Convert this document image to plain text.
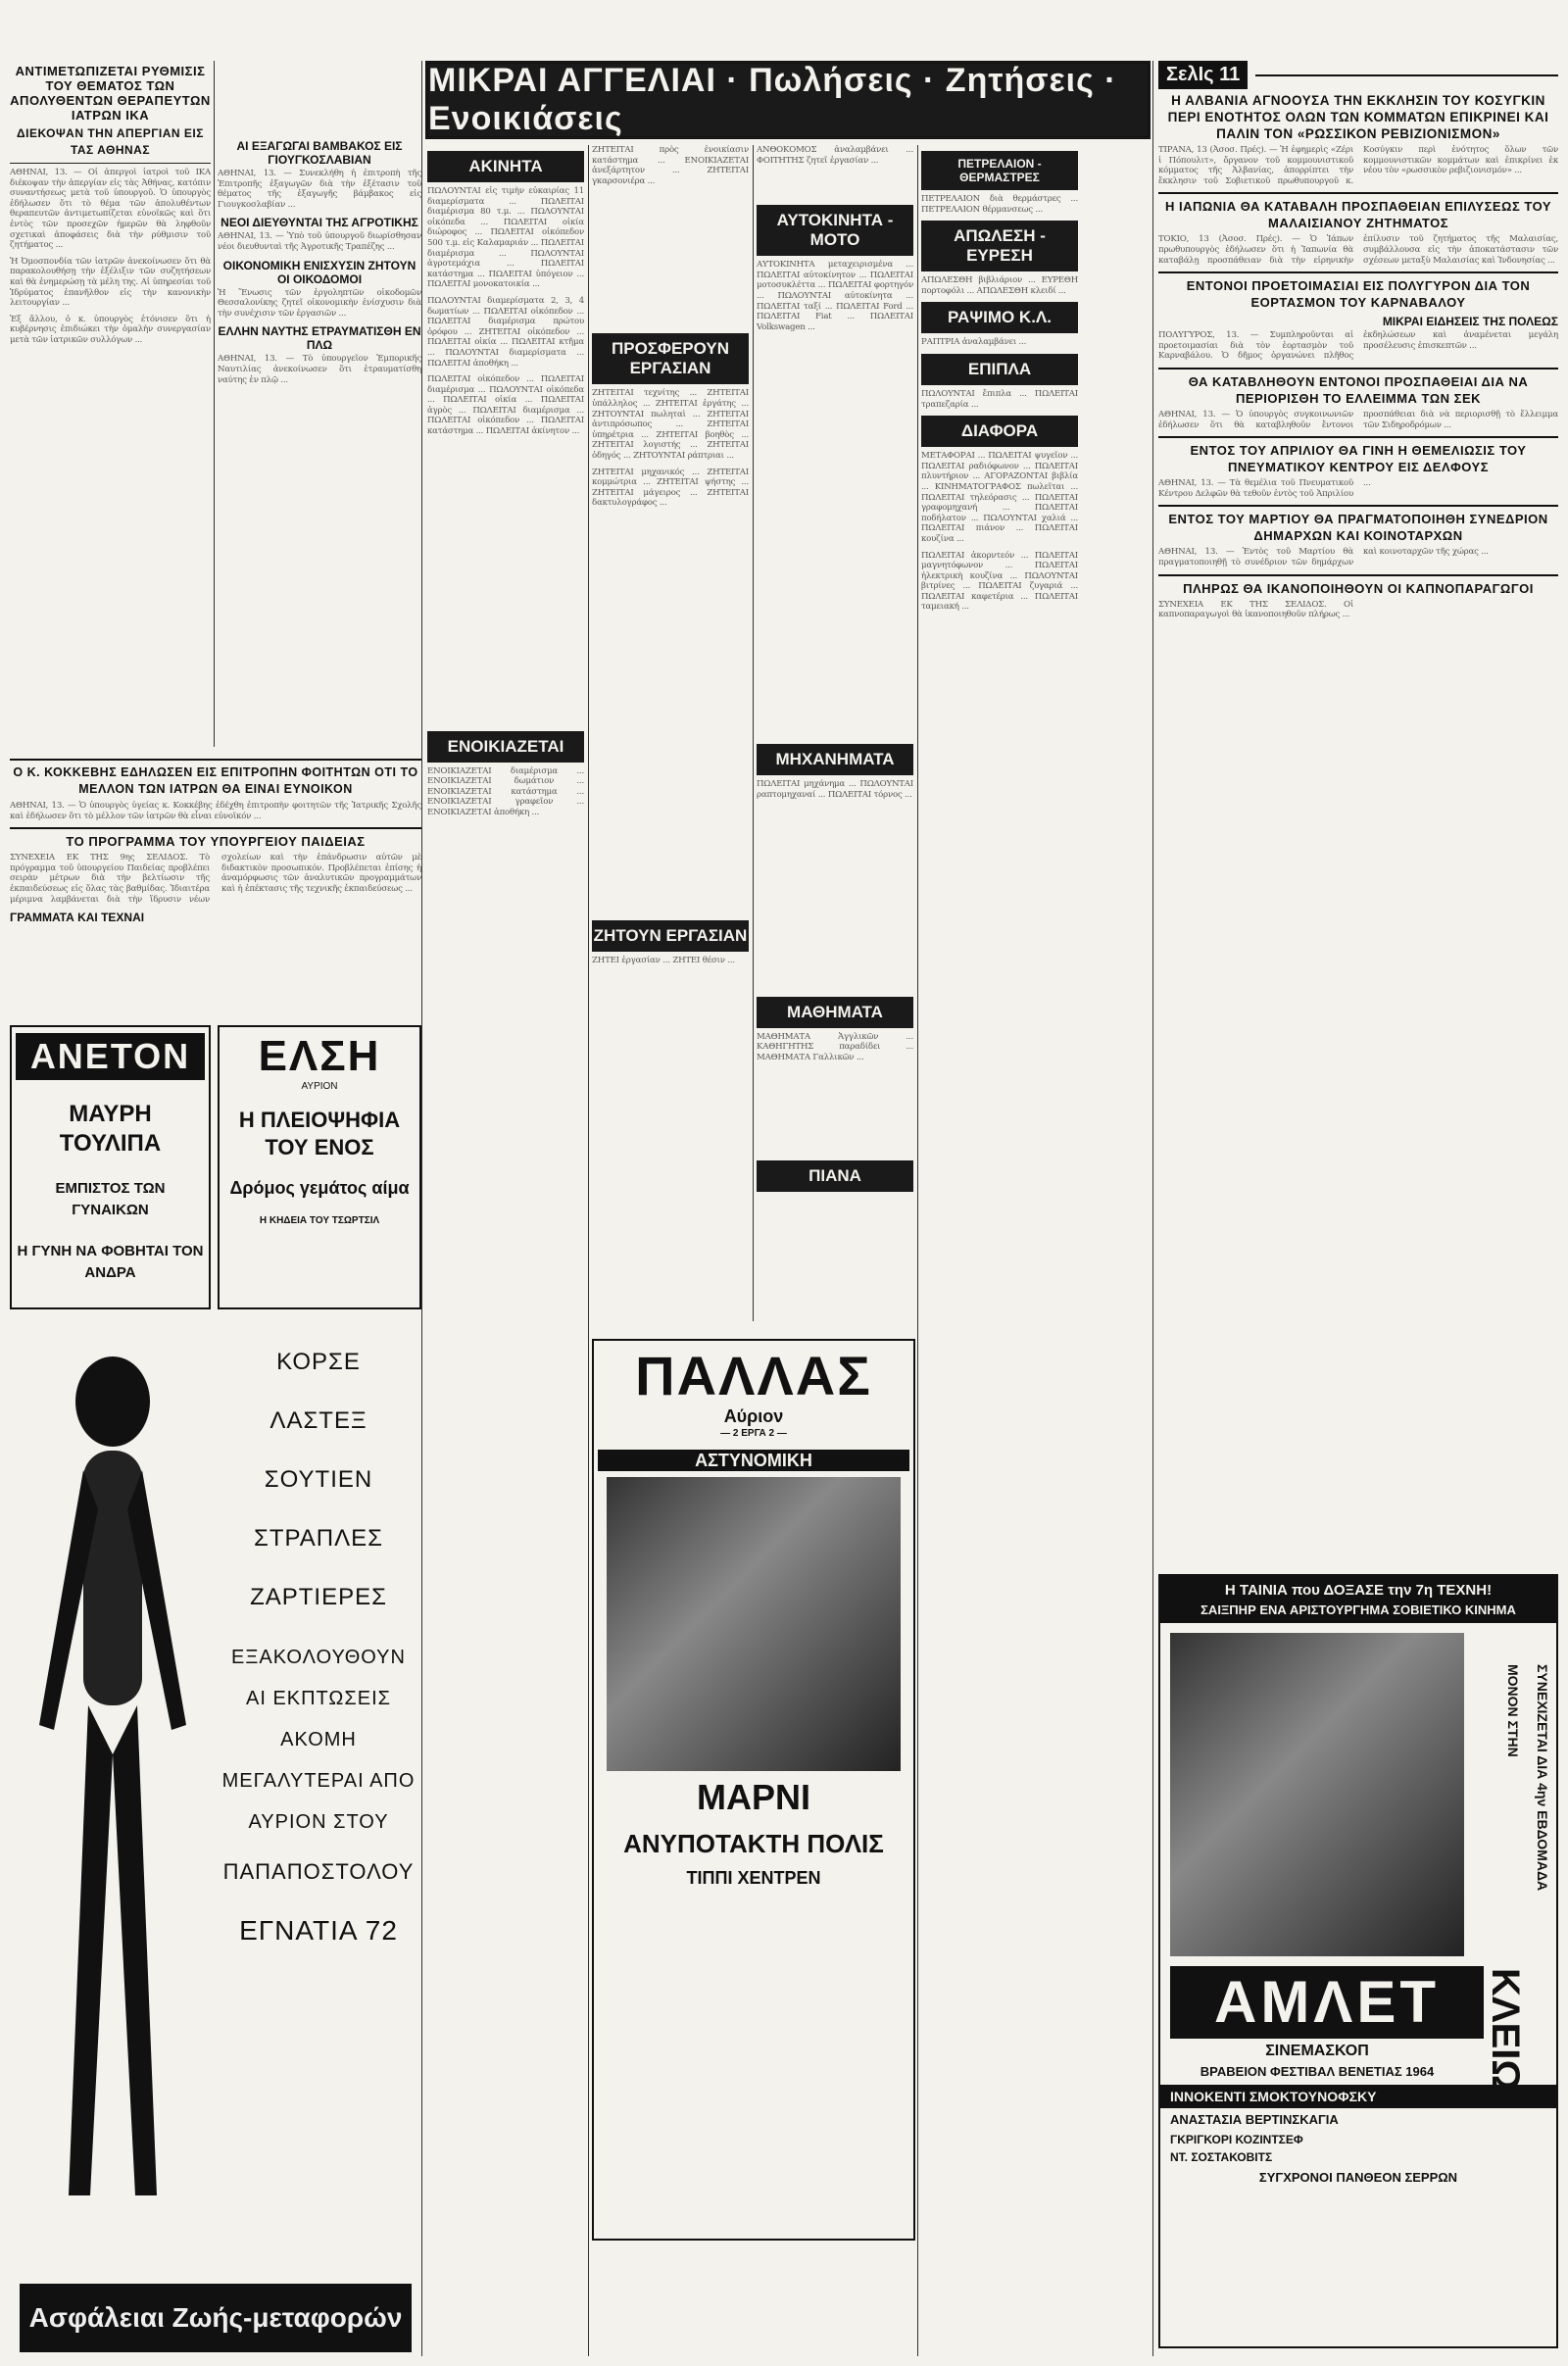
ΑΝΤΙΜΕΤΩΠΙΖΕΤΑΙ ΡΥΘΜΙΣΙΣ ΤΟΥ ΘΕΜΑΤΟΣ ΤΩΝ ΑΠΟΛΥΘΕΝΤΩΝ ΘΕΡΑΠΕΥΤΩΝ ΙΑΤΡΩΝ ΙΚΑ
ΔΙΕΚΟΨΑΝ ΤΗΝ ΑΠΕΡΓΙΑΝ ΕΙΣ ΤΑΣ ΑΘΗΝΑΣ

ΑΘΗΝΑΙ, 13. — Οἱ ἀπεργοὶ ἰατροὶ τοῦ ΙΚΑ διέκοψαν τὴν ἀπεργίαν εἰς τὰς Ἀθήνας, κατόπιν συναντήσεως μετὰ τοῦ ὑπουργοῦ. Ὁ ὑπουργὸς ἐδήλωσεν ὅτι τὸ θέμα τῶν ἀπολυθέντων θεραπευτῶν ἀντιμετωπίζεται εὐνοϊκῶς καὶ ὅτι ἐντὸς τῶν προσεχῶν ἡμερῶν θὰ ληφθοῦν σχετικαὶ ἀποφάσεις διὰ τὴν ρύθμισιν τοῦ ζητήματος ...

Ἡ Ὀμοσπονδία τῶν ἰατρῶν ἀνεκοίνωσεν ὅτι θὰ παρακολουθήσῃ τὴν ἐξέλιξιν τῶν συζητήσεων καὶ θὰ ἐνημερώσῃ τὰ μέλη της. Αἱ ὑπηρεσίαι τοῦ Ἱδρύματος ἐπανῆλθον εἰς τὴν κανονικὴν λειτουργίαν ...

Ἐξ ἄλλου, ὁ κ. ὑπουργὸς ἐτόνισεν ὅτι ἡ κυβέρνησις ἐπιδιώκει τὴν ὁμαλὴν συνεργασίαν μετὰ τῶν ἰατρικῶν συλλόγων ...

ΑΙ ΕΞΑΓΩΓΑΙ ΒΑΜΒΑΚΟΣ ΕΙΣ ΓΙΟΥΓΚΟΣΛΑΒΙΑΝ

ΑΘΗΝΑΙ, 13. — Συνεκλήθη ἡ ἐπιτροπὴ τῆς Ἐπιτροπῆς ἐξαγωγῶν διὰ τὴν ἐξέτασιν τοῦ θέματος τῆς ἐξαγωγῆς βάμβακος εἰς Γιουγκοσλαβίαν ...

ΝΕΟΙ ΔΙΕΥΘΥΝΤΑΙ ΤΗΣ ΑΓΡΟΤΙΚΗΣ

ΑΘΗΝΑΙ, 13. — Ὑπὸ τοῦ ὑπουργοῦ διωρίσθησαν νέοι διευθυνταὶ τῆς Ἀγροτικῆς Τραπέζης ...

ΟΙΚΟΝΟΜΙΚΗ ΕΝΙΣΧΥΣΙΝ ΖΗΤΟΥΝ ΟΙ ΟΙΚΟΔΟΜΟΙ

Ἡ Ἕνωσις τῶν ἐργοληπτῶν οἰκοδομῶν Θεσσαλονίκης ζητεῖ οἰκονομικὴν ἐνίσχυσιν διὰ τὴν συνέχισιν τῶν ἐργασιῶν ...

ΕΛΛΗΝ ΝΑΥΤΗΣ ΕΤΡΑΥΜΑΤΙΣΘΗ ΕΝ ΠΛΩ

ΑΘΗΝΑΙ, 13. — Τὸ ὑπουργεῖον Ἐμπορικῆς Ναυτιλίας ἀνεκοίνωσεν ὅτι ἐτραυματίσθη ναύτης ἐν πλῷ ...

Ο Κ. ΚΟΚΚΕΒΗΣ ΕΔΗΛΩΣΕΝ ΕΙΣ ΕΠΙΤΡΟΠΗΝ ΦΟΙΤΗΤΩΝ ΟΤΙ ΤΟ ΜΕΛΛΟΝ ΤΩΝ ΙΑΤΡΩΝ ΘΑ ΕΙΝΑΙ ΕΥΝΟΙΚΟΝ

ΑΘΗΝΑΙ, 13. — Ὁ ὑπουργὸς ὑγείας κ. Κοκκέβης ἐδέχθη ἐπιτροπὴν φοιτητῶν τῆς Ἰατρικῆς Σχολῆς καὶ ἐδήλωσεν ὅτι τὸ μέλλον τῶν ἰατρῶν θὰ εἶναι εὐνοϊκόν ...

ΤΟ ΠΡΟΓΡΑΜΜΑ ΤΟΥ ΥΠΟΥΡΓΕΙΟΥ ΠΑΙΔΕΙΑΣ

ΣΥΝΕΧΕΙΑ ΕΚ ΤΗΣ 9ης ΣΕΛΙΔΟΣ. Τὸ πρόγραμμα τοῦ ὑπουργείου Παιδείας προβλέπει σειρὰν μέτρων διὰ τὴν βελτίωσιν τῆς ἐκπαιδεύσεως εἰς ὅλας τὰς βαθμίδας. Ἰδιαιτέρα μέριμνα λαμβάνεται διὰ τὴν ἵδρυσιν νέων σχολείων καὶ τὴν ἐπάνδρωσιν αὐτῶν μὲ διδακτικὸν προσωπικόν. Προβλέπεται ἐπίσης ἡ ἀναμόρφωσις τῶν ἀναλυτικῶν προγραμμάτων καὶ ἡ ἐπέκτασις τῆς τεχνικῆς ἐκπαιδεύσεως ...

ΓΡΑΜΜΑΤΑ ΚΑΙ ΤΕΧΝΑΙ
ΑΝΕΤΟΝ
ΜΑΥΡΗ ΤΟΥΛΙΠΑ
ΕΜΠΙΣΤΟΣ ΤΩΝ ΓΥΝΑΙΚΩΝ
Η ΓΥΝΗ ΝΑ ΦΟΒΗΤΑΙ ΤΟΝ ΑΝΔΡΑ
ΕΛΣΗ
ΑΥΡΙΟΝ
Η ΠΛΕΙΟΨΗΦΙΑ ΤΟΥ ΕΝΟΣ
Δρόμος γεμάτος αίμα
Η ΚΗΔΕΙΑ ΤΟΥ ΤΣΩΡΤΣΙΛ
ΚΟΡΣΕ
ΛΑΣΤΕΞ
ΣΟΥΤΙΕΝ
ΣΤΡΑΠΛΕΣ
ΖΑΡΤΙΕΡΕΣ
ΕΞΑΚΟΛΟΥΘΟΥΝ ΑΙ ΕΚΠΤΩΣΕΙΣ ΑΚΟΜΗ ΜΕΓΑΛΥΤΕΡΑΙ ΑΠΟ ΑΥΡΙΟΝ ΣΤΟΥ
ΠΑΠΑΠΟΣΤΟΛΟΥ
ΕΓΝΑΤΙΑ 72
Ασφάλειαι Ζωής-μεταφορών
ΜΙΚΡΑΙ ΑΓΓΕΛΙΑΙ · Πωλήσεις · Ζητήσεις · Ενοικιάσεις
ΑΚΙΝΗΤΑ

ΠΩΛΟΥΝΤΑΙ εἰς τιμὴν εὐκαιρίας 11 διαμερίσματα ... ΠΩΛΕΙΤΑΙ διαμέρισμα 80 τ.μ. ... ΠΩΛΟΥΝΤΑΙ οἰκόπεδα ... ΠΩΛΕΙΤΑΙ οἰκία διώροφος ... ΠΩΛΕΙΤΑΙ οἰκόπεδον 500 τ.μ. εἰς Καλαμαριάν ... ΠΩΛΕΙΤΑΙ διαμέρισμα ... ΠΩΛΟΥΝΤΑΙ ἀγροτεμάχια ... ΠΩΛΕΙΤΑΙ κατάστημα ... ΠΩΛΕΙΤΑΙ ὑπόγειον ... ΠΩΛΕΙΤΑΙ μονοκατοικία ...

ΠΩΛΟΥΝΤΑΙ διαμερίσματα 2, 3, 4 δωματίων ... ΠΩΛΕΙΤΑΙ οἰκόπεδον ... ΠΩΛΕΙΤΑΙ διαμέρισμα πρώτου ὀρόφου ... ΖΗΤΕΙΤΑΙ οἰκόπεδον ... ΠΩΛΕΙΤΑΙ οἰκία ... ΠΩΛΕΙΤΑΙ κτῆμα ... ΠΩΛΟΥΝΤΑΙ διαμερίσματα ... ΠΩΛΕΙΤΑΙ ἀποθήκη ...

ΠΩΛΕΙΤΑΙ οἰκόπεδον ... ΠΩΛΕΙΤΑΙ διαμέρισμα ... ΠΩΛΟΥΝΤΑΙ οἰκόπεδα ... ΠΩΛΕΙΤΑΙ οἰκία ... ΠΩΛΕΙΤΑΙ ἀγρὸς ... ΠΩΛΕΙΤΑΙ διαμέρισμα ... ΠΩΛΕΙΤΑΙ οἰκόπεδον ... ΠΩΛΕΙΤΑΙ κατάστημα ... ΠΩΛΕΙΤΑΙ ἀκίνητον ...

ΕΝΟΙΚΙΑΖΕΤΑΙ

ΕΝΟΙΚΙΑΖΕΤΑΙ διαμέρισμα ... ΕΝΟΙΚΙΑΖΕΤΑΙ δωμάτιον ... ΕΝΟΙΚΙΑΖΕΤΑΙ κατάστημα ... ΕΝΟΙΚΙΑΖΕΤΑΙ γραφεῖον ... ΕΝΟΙΚΙΑΖΕΤΑΙ ἀποθήκη ...

ΖΗΤΕΙΤΑΙ πρὸς ἐνοικίασιν κατάστημα ... ΕΝΟΙΚΙΑΖΕΤΑΙ ἀνεξάρτητον ... ΖΗΤΕΙΤΑΙ γκαρσονιέρα ...

ΠΡΟΣΦΕΡΟΥΝ ΕΡΓΑΣΙΑΝ

ΖΗΤΕΙΤΑΙ τεχνίτης ... ΖΗΤΕΙΤΑΙ ὑπάλληλος ... ΖΗΤΕΙΤΑΙ ἐργάτης ... ΖΗΤΟΥΝΤΑΙ πωληταὶ ... ΖΗΤΕΙΤΑΙ ἀντιπρόσωπος ... ΖΗΤΕΙΤΑΙ ὑπηρέτρια ... ΖΗΤΕΙΤΑΙ βοηθὸς ... ΖΗΤΕΙΤΑΙ λογιστής ... ΖΗΤΕΙΤΑΙ ὀδηγός ... ΖΗΤΟΥΝΤΑΙ ράπτριαι ...

ΖΗΤΕΙΤΑΙ μηχανικός ... ΖΗΤΕΙΤΑΙ κομμώτρια ... ΖΗΤΕΙΤΑΙ ψήστης ... ΖΗΤΕΙΤΑΙ μάγειρος ... ΖΗΤΕΙΤΑΙ δακτυλογράφος ...

ΖΗΤΟΥΝ ΕΡΓΑΣΙΑΝ

ΖΗΤΕΙ ἐργασίαν ... ΖΗΤΕΙ θέσιν ...

ΠΑΛΛΑΣ
Αύριον
— 2 ΕΡΓΑ 2 —
ΑΣΤΥΝΟΜΙΚΗ
ΜΑΡΝΙ
ΑΝΥΠΟΤΑΚΤΗ ΠΟΛΙΣ
ΤΙΠΠΙ ΧΕΝΤΡΕΝ

ΑΝΘΟΚΟΜΟΣ ἀναλαμβάνει ... ΦΟΙΤΗΤΗΣ ζητεῖ ἐργασίαν ...

ΑΥΤΟΚΙΝΗΤΑ - ΜΟΤΟ

ΑΥΤΟΚΙΝΗΤΑ μεταχειρισμένα ... ΠΩΛΕΙΤΑΙ αὐτοκίνητον ... ΠΩΛΕΙΤΑΙ μοτοσυκλέττα ... ΠΩΛΕΙΤΑΙ φορτηγόν ... ΠΩΛΟΥΝΤΑΙ αὐτοκίνητα ... ΠΩΛΕΙΤΑΙ ταξί ... ΠΩΛΕΙΤΑΙ Ford ... ΠΩΛΕΙΤΑΙ Fiat ... ΠΩΛΕΙΤΑΙ Volkswagen ...

ΜΗΧΑΝΗΜΑΤΑ

ΠΩΛΕΙΤΑΙ μηχάνημα ... ΠΩΛΟΥΝΤΑΙ ραπτομηχαναί ... ΠΩΛΕΙΤΑΙ τόρνος ...

ΜΑΘΗΜΑΤΑ

ΜΑΘΗΜΑΤΑ Ἀγγλικῶν ... ΚΑΘΗΓΗΤΗΣ παραδίδει ... ΜΑΘΗΜΑΤΑ Γαλλικῶν ...

ΠΙΑΝΑ
ΠΕΤΡΕΛΑΙΟΝ - ΘΕΡΜΑΣΤΡΕΣ

ΠΕΤΡΕΛΑΙΟΝ διὰ θερμάστρες ... ΠΕΤΡΕΛΑΙΟΝ θέρμανσεως ...

ΑΠΩΛΕΣΗ - ΕΥΡΕΣΗ

ΑΠΩΛΕΣΘΗ βιβλιάριον ... ΕΥΡΕΘΗ πορτοφόλι ... ΑΠΩΛΕΣΘΗ κλειδί ...

ΡΑΨΙΜΟ Κ.Λ.

ΡΑΠΤΡΙΑ ἀναλαμβάνει ...

ΕΠΙΠΛΑ

ΠΩΛΟΥΝΤΑΙ ἔπιπλα ... ΠΩΛΕΙΤΑΙ τραπεζαρία ...

ΔΙΑΦΟΡΑ

ΜΕΤΑΦΟΡΑΙ ... ΠΩΛΕΙΤΑΙ ψυγεῖον ... ΠΩΛΕΙΤΑΙ ραδιόφωνον ... ΠΩΛΕΙΤΑΙ πλυντήριον ... ΑΓΟΡΑΖΟΝΤΑΙ βιβλία ... ΚΙΝΗΜΑΤΟΓΡΑΦΟΣ πωλεῖται ... ΠΩΛΕΙΤΑΙ τηλεόρασις ... ΠΩΛΕΙΤΑΙ γραφομηχανή ... ΠΩΛΕΙΤΑΙ ποδήλατον ... ΠΩΛΟΥΝΤΑΙ χαλιά ... ΠΩΛΕΙΤΑΙ πιάνον ... ΠΩΛΕΙΤΑΙ κουζίνα ...

ΠΩΛΕΙΤΑΙ ἀκορντεόν ... ΠΩΛΕΙΤΑΙ μαγνητόφωνον ... ΠΩΛΕΙΤΑΙ ἠλεκτρικὴ κουζίνα ... ΠΩΛΟΥΝΤΑΙ βιτρίνες ... ΠΩΛΕΙΤΑΙ ζυγαριά ... ΠΩΛΕΙΤΑΙ καφετέρια ... ΠΩΛΕΙΤΑΙ ταμειακή ...

ΣελΙς 11
Η ΑΛΒΑΝΙΑ ΑΓΝΟΟΥΣΑ ΤΗΝ ΕΚΚΛΗΣΙΝ ΤΟΥ ΚΟΣΥΓΚΙΝ ΠΕΡΙ ΕΝΟΤΗΤΟΣ ΟΛΩΝ ΤΩΝ ΚΟΜΜΑΤΩΝ ΕΠΙΚΡΙΝΕΙ ΚΑΙ ΠΑΛΙΝ ΤΟΝ «ΡΩΣΣΙΚΟΝ ΡΕΒΙΖΙΟΝΙΣΜΟΝ»

ΤΙΡΑΝΑ, 13 (Ἀσοσ. Πρές). — Ἡ ἐφημερὶς «Ζέρι ἰ Πόπουλιτ», ὄργανον τοῦ κομμουνιστικοῦ κόμματος τῆς Ἀλβανίας, ἀπορρίπτει τὴν ἔκκλησιν τοῦ Σοβιετικοῦ πρωθυπουργοῦ κ. Κοσύγκιν περὶ ἑνότητος ὅλων τῶν κομμουνιστικῶν κομμάτων καὶ ἐπικρίνει ἐκ νέου τὸν «ρωσσικὸν ρεβιζιονισμόν» ...

Η ΙΑΠΩΝΙΑ ΘΑ ΚΑΤΑΒΑΛΗ ΠΡΟΣΠΑΘΕΙΑΝ ΕΠΙΛΥΣΕΩΣ ΤΟΥ ΜΑΛΑΙΣΙΑΝΟΥ ΖΗΤΗΜΑΤΟΣ

ΤΟΚΙΟ, 13 (Ἀσοσ. Πρές). — Ὁ Ἰάπων πρωθυπουργὸς ἐδήλωσεν ὅτι ἡ Ἰαπωνία θὰ καταβάλῃ προσπάθειαν διὰ τὴν εἰρηνικὴν ἐπίλυσιν τοῦ ζητήματος τῆς Μαλαισίας, συμβάλλουσα εἰς τὴν ἀποκατάστασιν τῶν σχέσεων μεταξὺ Μαλαισίας καὶ Ἰνδονησίας ...

ΕΝΤΟΝΟΙ ΠΡΟΕΤΟΙΜΑΣΙΑΙ ΕΙΣ ΠΟΛΥΓΥΡΟΝ ΔΙΑ ΤΟΝ ΕΟΡΤΑΣΜΟΝ ΤΟΥ ΚΑΡΝΑΒΑΛΟΥ
ΜΙΚΡΑΙ ΕΙΔΗΣΕΙΣ ΤΗΣ ΠΟΛΕΩΣ

ΠΟΛΥΓΥΡΟΣ, 13. — Συμπληροῦνται αἱ προετοιμασίαι διὰ τὸν ἑορτασμὸν τοῦ Καρναβάλου. Ὁ δῆμος ὀργανώνει πλῆθος ἐκδηλώσεων καὶ ἀναμένεται μεγάλη προσέλευσις ἐπισκεπτῶν ...

ΘΑ ΚΑΤΑΒΛΗΘΟΥΝ ΕΝΤΟΝΟΙ ΠΡΟΣΠΑΘΕΙΑΙ ΔΙΑ ΝΑ ΠΕΡΙΟΡΙΣΘΗ ΤΟ ΕΛΛΕΙΜΜΑ ΤΩΝ ΣΕΚ

ΑΘΗΝΑΙ, 13. — Ὁ ὑπουργὸς συγκοινωνιῶν ἐδήλωσεν ὅτι θὰ καταβληθοῦν ἔντονοι προσπάθειαι διὰ νὰ περιορισθῇ τὸ ἔλλειμμα τῶν Σιδηροδρόμων ...

ΕΝΤΟΣ ΤΟΥ ΑΠΡΙΛΙΟΥ ΘΑ ΓΙΝΗ Η ΘΕΜΕΛΙΩΣΙΣ ΤΟΥ ΠΝΕΥΜΑΤΙΚΟΥ ΚΕΝΤΡΟΥ ΕΙΣ ΔΕΛΦΟΥΣ

ΑΘΗΝΑΙ, 13. — Τὰ θεμέλια τοῦ Πνευματικοῦ Κέντρου Δελφῶν θὰ τεθοῦν ἐντὸς τοῦ Ἀπριλίου ...

ΕΝΤΟΣ ΤΟΥ ΜΑΡΤΙΟΥ ΘΑ ΠΡΑΓΜΑΤΟΠΟΙΗΘΗ ΣΥΝΕΔΡΙΟΝ ΔΗΜΑΡΧΩΝ ΚΑΙ ΚΟΙΝΟΤΑΡΧΩΝ

ΑΘΗΝΑΙ, 13. — Ἐντὸς τοῦ Μαρτίου θὰ πραγματοποιηθῇ τὸ συνέδριον τῶν δημάρχων καὶ κοινοταρχῶν τῆς χώρας ...

ΠΛΗΡΩΣ ΘΑ ΙΚΑΝΟΠΟΙΗΘΟΥΝ ΟΙ ΚΑΠΝΟΠΑΡΑΓΩΓΟΙ

ΣΥΝΕΧΕΙΑ ΕΚ ΤΗΣ ΣΕΛΙΔΟΣ. Οἱ καπνοπαραγωγοὶ θὰ ἱκανοποιηθοῦν πλήρως ...

Η ΤΑΙΝΙΑ που ΔΟΞΑΣΕ την 7η ΤΕΧΝΗ!
ΣΑΙΞΠΗΡ ΕΝΑ ΑΡΙΣΤΟΥΡΓΗΜΑ ΣΟΒΙΕΤΙΚΟ ΚΙΝΗΜΑ
ΣΥΝΕΧΙΖΕΤΑΙ ΔΙΑ 4ην ΕΒΔΟΜΑΔΑ
ΜΟΝΟΝ ΣΤΗΝ
ΚΛΕΙΩ
ΑΜΛΕΤ
ΣΙΝΕΜΑΣΚΟΠ
ΒΡΑΒΕΙΟΝ ΦΕΣΤΙΒΑΛ ΒΕΝΕΤΙΑΣ 1964
ΙΝΝΟΚΕΝΤΙ ΣΜΟΚΤΟΥΝΟΦΣΚΥ
ΑΝΑΣΤΑΣΙΑ ΒΕΡΤΙΝΣΚΑΓΙΑ
ΓΚΡΙΓΚΟΡΙ ΚΟΖΙΝΤΣΕΦ
ΝΤ. ΣΟΣΤΑΚΟΒΙΤΣ
ΣΥΓΧΡΟΝΟΙ ΠΑΝΘΕΟΝ ΣΕΡΡΩΝ
